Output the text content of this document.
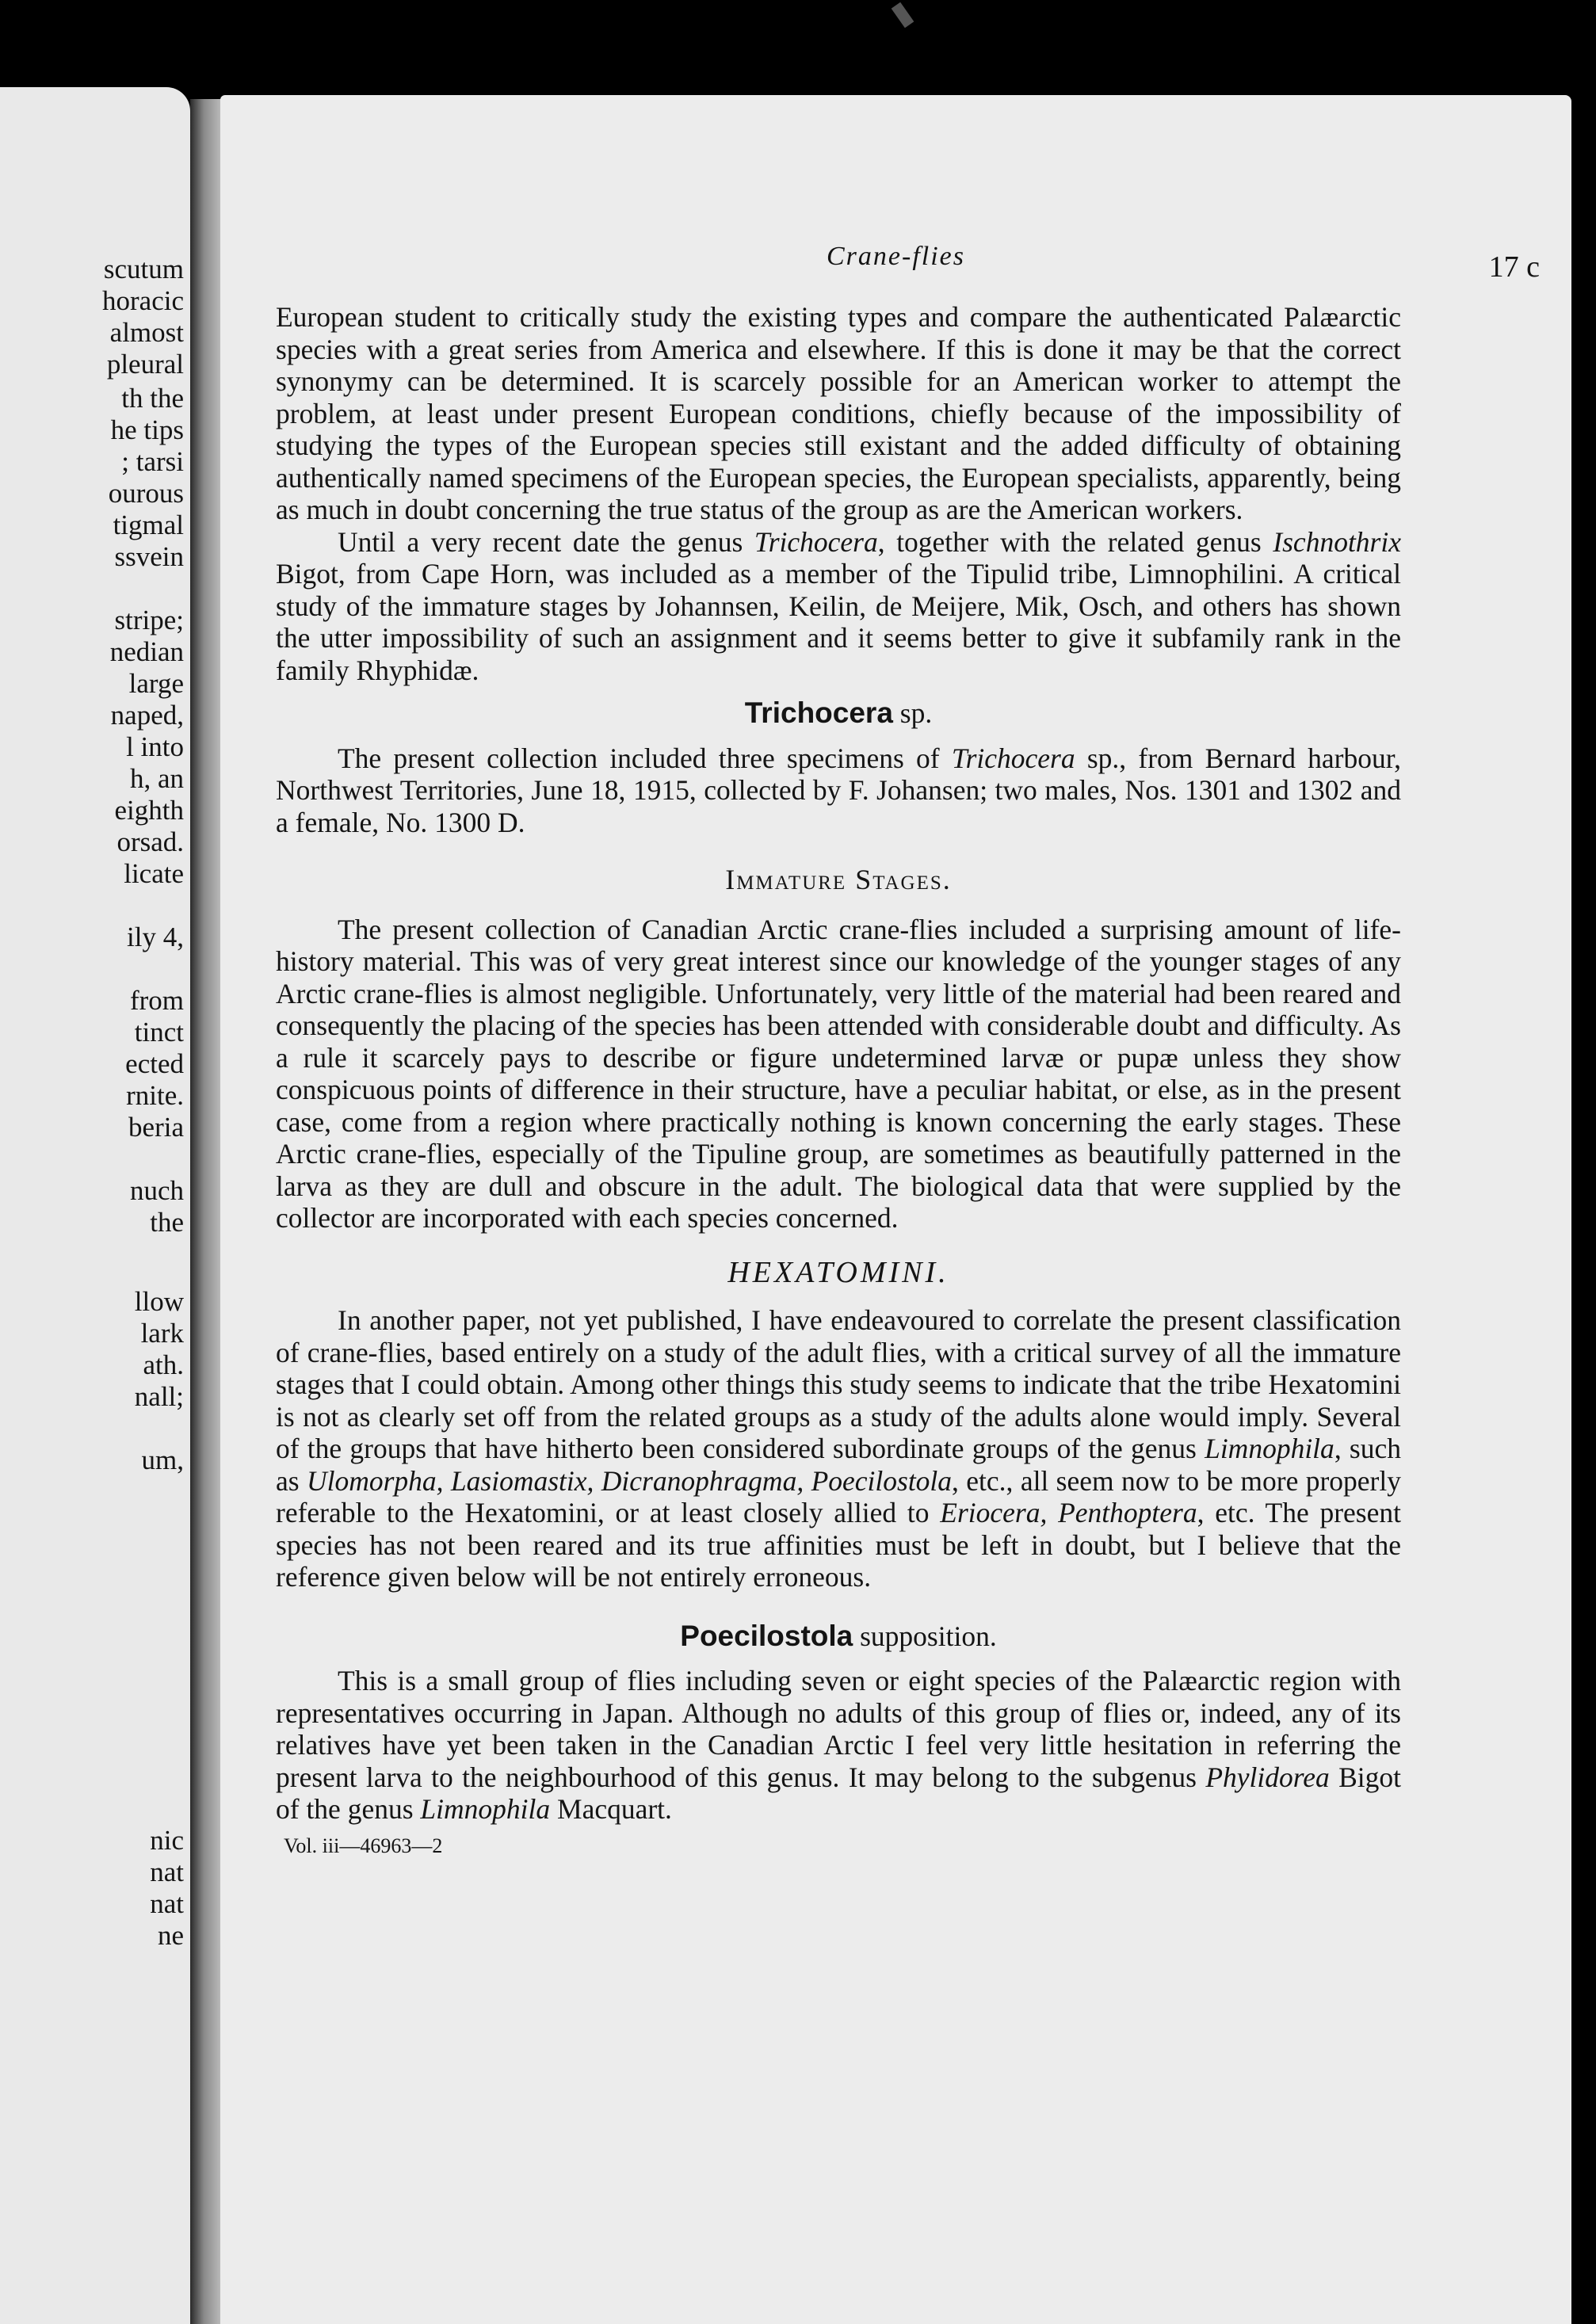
scutum
horacic
almost
pleural
th the
he tips
; tarsi
ourous
tigmal
ssvein
stripe;
nedian
large
naped,
l into
h, an
eighth
orsad.
licate
ily 4,
from
tinct
ected
rnite.
beria
nuch
the
llow
lark
ath.
nall;
um,
nic
nat
nat
ne
Crane-flies	17 c

European student to critically study the existing types and compare the authenticated Palæarctic species with a great series from America and elsewhere. If this is done it may be that the correct synonymy can be determined. It is scarcely possible for an American worker to attempt the problem, at least under present European conditions, chiefly because of the impossibility of studying the types of the European species still existant and the added difficulty of obtaining authentically named specimens of the European species, the European specialists, apparently, being as much in doubt concerning the true status of the group as are the American workers.

Until a very recent date the genus Trichocera, together with the related genus Ischnothrix Bigot, from Cape Horn, was included as a member of the Tipulid tribe, Limnophilini. A critical study of the immature stages by Johannsen, Keilin, de Meijere, Mik, Osch, and others has shown the utter impossibility of such an assignment and it seems better to give it subfamily rank in the family Rhyphidæ.

Trichocera sp.

The present collection included three specimens of Trichocera sp., from Bernard harbour, Northwest Territories, June 18, 1915, collected by F. Johansen; two males, Nos. 1301 and 1302 and a female, No. 1300 D.

Immature Stages.

The present collection of Canadian Arctic crane-flies included a surprising amount of life-history material. This was of very great interest since our knowledge of the younger stages of any Arctic crane-flies is almost negligible. Unfortunately, very little of the material had been reared and consequently the placing of the species has been attended with considerable doubt and difficulty. As a rule it scarcely pays to describe or figure undetermined larvæ or pupæ unless they show conspicuous points of difference in their structure, have a peculiar habitat, or else, as in the present case, come from a region where practically nothing is known concerning the early stages. These Arctic crane-flies, especially of the Tipuline group, are sometimes as beautifully patterned in the larva as they are dull and obscure in the adult. The biological data that were supplied by the collector are incorporated with each species concerned.

HEXATOMINI.

In another paper, not yet published, I have endeavoured to correlate the present classification of crane-flies, based entirely on a study of the adult flies, with a critical survey of all the immature stages that I could obtain. Among other things this study seems to indicate that the tribe Hexatomini is not as clearly set off from the related groups as a study of the adults alone would imply. Several of the groups that have hitherto been considered subordinate groups of the genus Limnophila, such as Ulomorpha, Lasiomastix, Dicranophragma, Poecilostola, etc., all seem now to be more properly referable to the Hexatomini, or at least closely allied to Eriocera, Penthoptera, etc. The present species has not been reared and its true affinities must be left in doubt, but I believe that the reference given below will be not entirely erroneous.

Poecilostola supposition.

This is a small group of flies including seven or eight species of the Palæarctic region with representatives occurring in Japan. Although no adults of this group of flies or, indeed, any of its relatives have yet been taken in the Canadian Arctic I feel very little hesitation in referring the present larva to the neighbourhood of this genus. It may belong to the subgenus Phylidorea Bigot of the genus Limnophila Macquart.

Vol. iii—46963—2
